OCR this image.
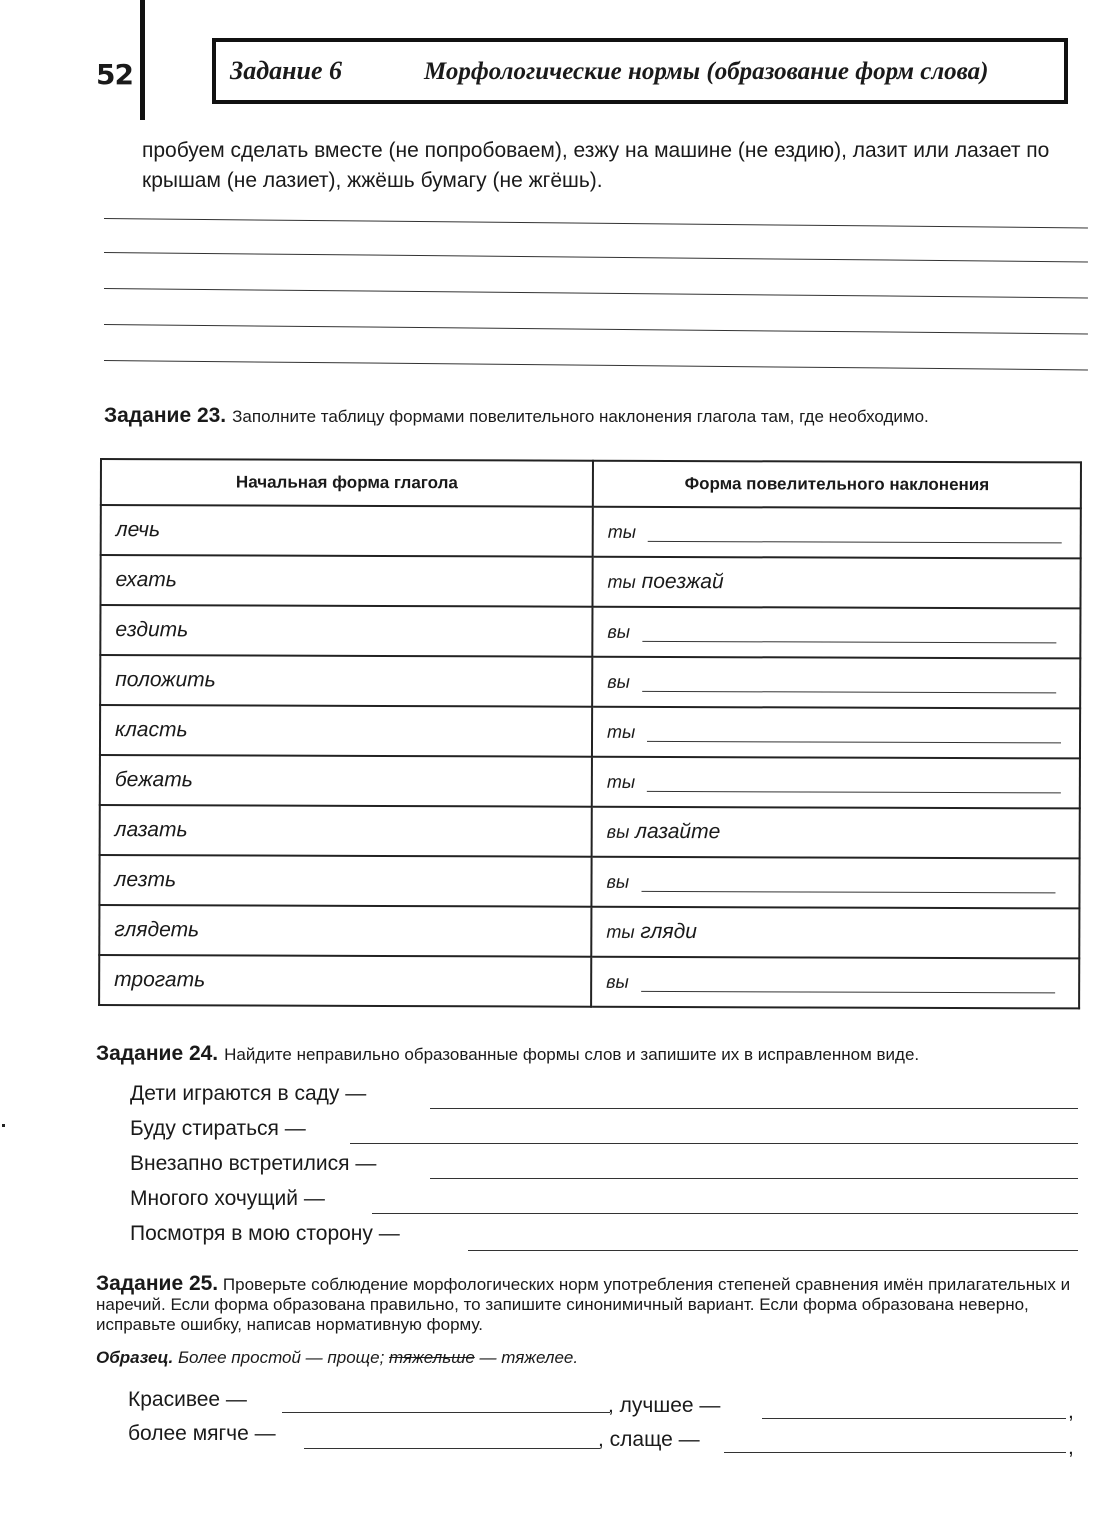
52	Задание 6	Морфологические нормы (образование форм слова)
пробуем сделать вместе (не попробоваем), езжу на машине (не ездию), лазит или лазает по крышам (не лазиет), жжёшь бумагу (не жгёшь).
Задание 23. Заполните таблицу формами повелительного наклонения глагола там, где необходимо.
Начальная форма глагола	Форма повелительного наклонения
лечь	ты
ехать	ты поезжай
ездить	вы
положить	вы
класть	ты
бежать	ты
лазать	вы лазайте
лезть	вы
глядеть	ты гляди
трогать	вы
Задание 24. Найдите неправильно образованные формы слов и запишите их в исправленном виде.
Дети играются в саду —
Буду стираться —
Внезапно встретилися —
Многого хочущий —
Посмотря в мою сторону —
Задание 25. Проверьте соблюдение морфологических норм употребления степеней сравнения имён прилагательных и наречий. Если форма образована правильно, то запишите синонимичный вариант. Если форма образована неверно, исправьте ошибку, написав нормативную форму.
Образец. Более простой — проще; тяжельше — тяжелее.
Красивее —	, лучшее —	,
более мягче —	, слаще —	,
